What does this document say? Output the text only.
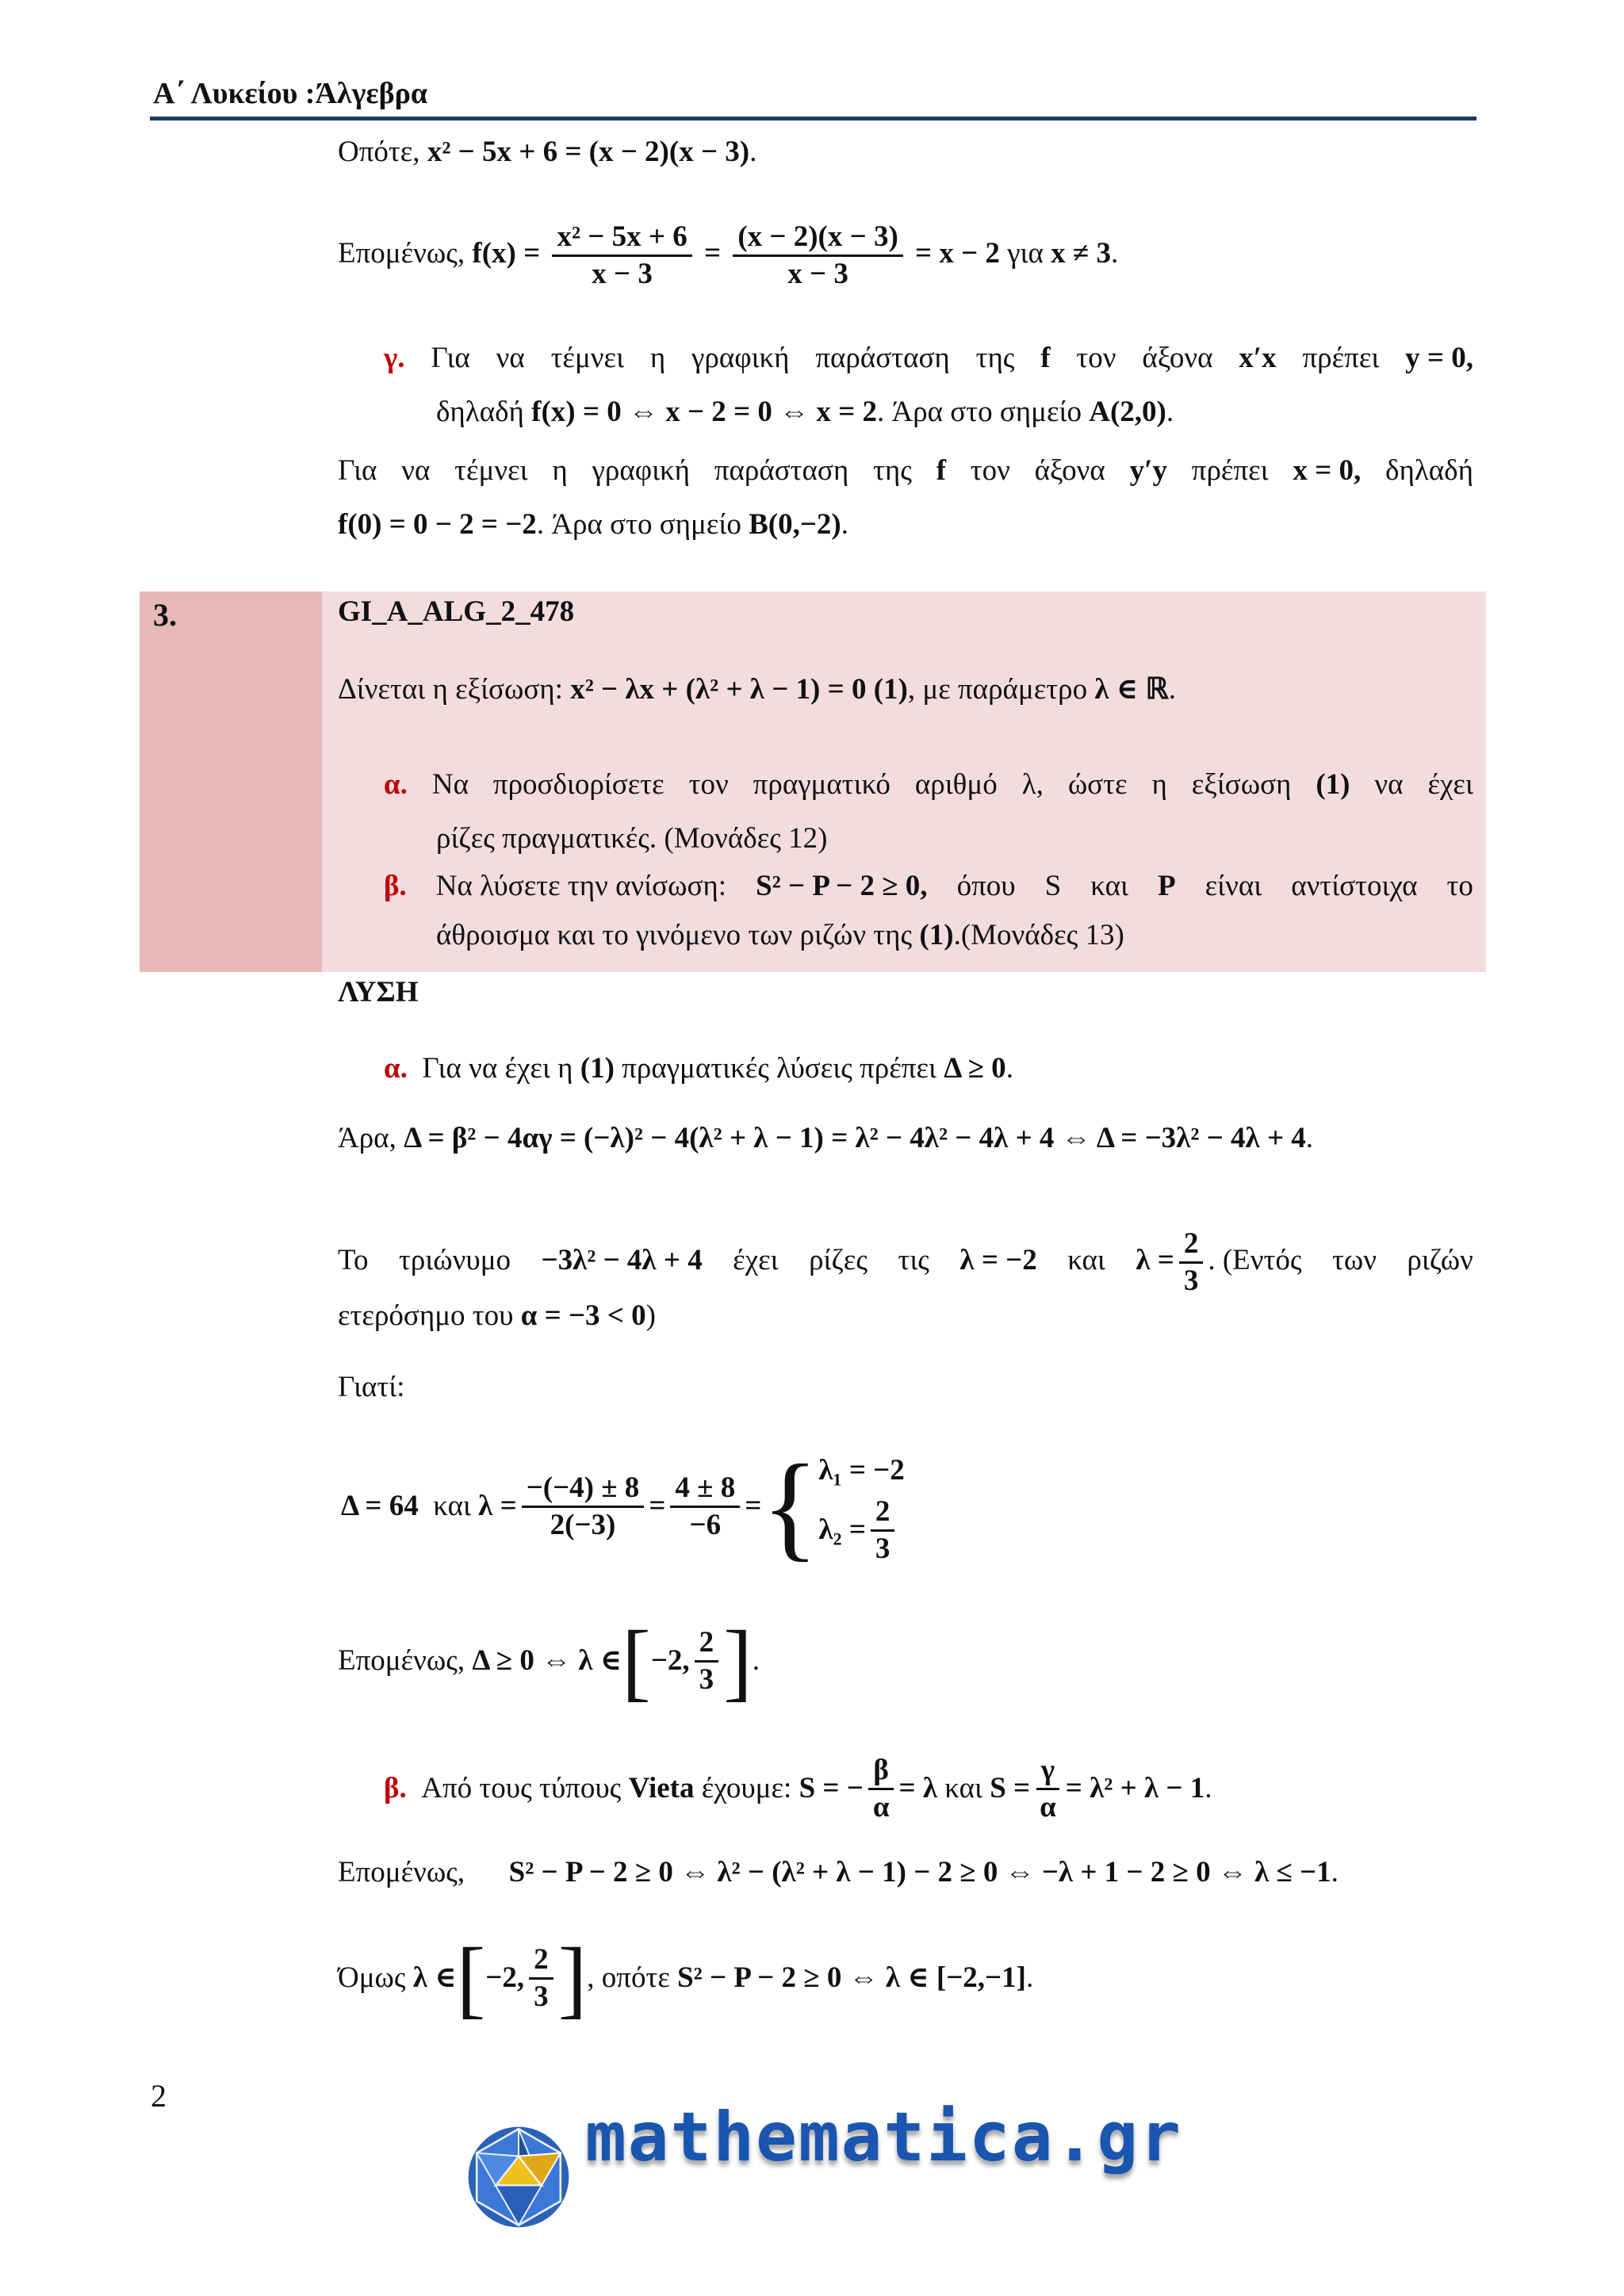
Α΄ Λυκείου :Άλγεβρα
Οπότε, x² − 5x + 6 = (x − 2)(x − 3).
Επομένως, $f(x) = \frac{\text{x² − 5x + 6}}{x - 3} = \frac{(x - 2)(x - 3)}{x - 3} = x - 2$ για x ≠ 3.
γ. Για να τέμνει η γραφική παράσταση της f τον άξονα x′x πρέπει y = 0,
δηλαδή f(x) = 0 ⇔ x − 2 = 0 ⇔ x = 2. Άρα στο σημείο A(2,0).
Για να τέμνει η γραφική παράσταση της f τον άξονα y′y πρέπει x = 0, δηλαδή
f(0) = 0 − 2 = −2. Άρα στο σημείο B(0,−2).
3.	GI_A_ALG_2_478
Δίνεται η εξίσωση: x² − λx + (λ² + λ − 1) = 0 (1), με παράμετρο λ ∈ ℝ.
α. Να προσδιορίσετε τον πραγματικό αριθμό λ, ώστε η εξίσωση (1) να έχει
ρίζες πραγματικές. (Μονάδες 12)
β. Να λύσετε την ανίσωση: S² − P − 2 ≥ 0, όπου S και P είναι αντίστοιχα το
άθροισμα και το γινόμενο των ριζών της (1).(Μονάδες 13)
ΛΥΣΗ
α. Για να έχει η (1) πραγματικές λύσεις πρέπει Δ ≥ 0.
Άρα, Δ = β² − 4αγ = (−λ)² − 4(λ² + λ − 1) = λ² − 4λ² − 4λ + 4 ⇔ Δ = −3λ² − 4λ + 4.
Το τριώνυμο −3λ² − 4λ + 4 έχει ρίζες τις λ = −2 και $\lambda = \frac{2}{3}$ . (Εντός των ριζών
ετερόσημο του α = −3 < 0)
Γιατί:
Δ = 64
και
$\lambda = \frac{-(-4) \pm 8}{2(-3)} = \frac{4 \pm 8}{-6}$ = { λ₁ = −2
$\lambda_2 = \frac{2}{3}$
Επομένως,
Δ ≥ 0 ⇔ λ ∈ [ −2, $\frac{2}{3}$ ] .
β.
Από τους τύπους
Vieta
έχουμε:
S = − $\frac{\beta}{\alpha} = \lambda$
και
$S = \frac{\gamma}{\alpha} = \lambda^2 + \lambda - 1$ .
Επομένως, S² − P − 2 ≥ 0 ⇔ λ² − (λ² + λ − 1) − 2 ≥ 0 ⇔ −λ + 1 − 2 ≥ 0 ⇔ λ ≤ −1.
Όμως
λ ∈ [ −2, $\frac{2}{3}$ ] , οπότε
S² − P − 2 ≥ 0 ⇔ λ ∈ [−2,−1] .
2
mathematica.gr
